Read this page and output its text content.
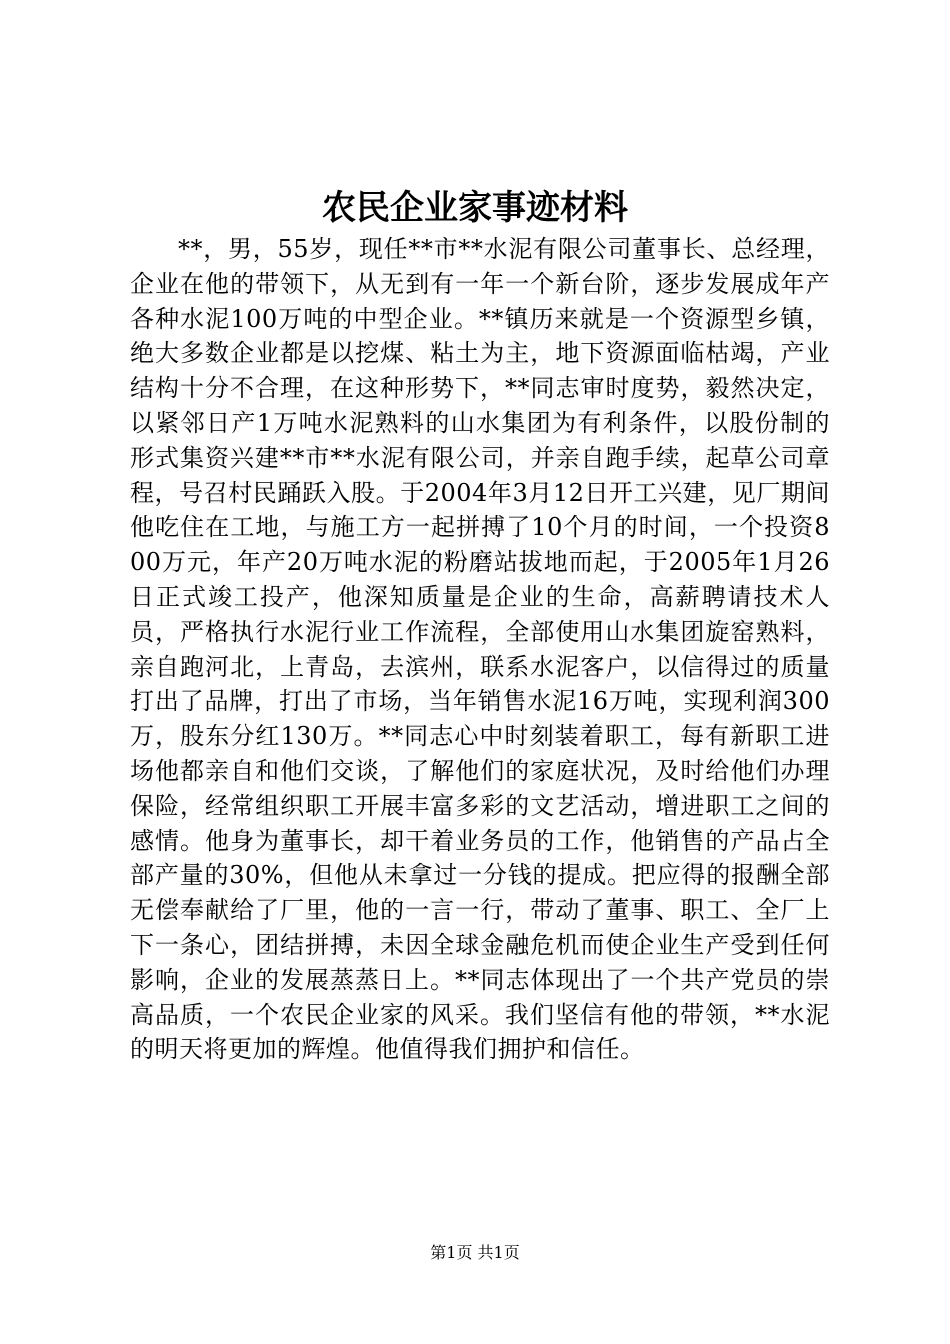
农民企业家事迹材料

**，男，55岁，现任**市**水泥有限公司董事长、总经理，企业在他的带领下，从无到有一年一个新台阶，逐步发展成年产各种水泥100万吨的中型企业。**镇历来就是一个资源型乡镇，绝大多数企业都是以挖煤、粘土为主，地下资源面临枯竭，产业结构十分不合理，在这种形势下，**同志审时度势，毅然决定，以紧邻日产1万吨水泥熟料的山水集团为有利条件，以股份制的形式集资兴建**市**水泥有限公司，并亲自跑手续，起草公司章程，号召村民踊跃入股。于2004年3月12日开工兴建，见厂期间他吃住在工地，与施工方一起拼搏了10个月的时间，一个投资800万元，年产20万吨水泥的粉磨站拔地而起，于2005年1月26日正式竣工投产，他深知质量是企业的生命，高薪聘请技术人员，严格执行水泥行业工作流程，全部使用山水集团旋窑熟料，亲自跑河北，上青岛，去滨州，联系水泥客户，以信得过的质量打出了品牌，打出了市场，当年销售水泥16万吨，实现利润300万，股东分红130万。**同志心中时刻装着职工，每有新职工进场他都亲自和他们交谈，了解他们的家庭状况，及时给他们办理保险，经常组织职工开展丰富多彩的文艺活动，增进职工之间的感情。他身为董事长，却干着业务员的工作，他销售的产品占全部产量的30%，但他从未拿过一分钱的提成。把应得的报酬全部无偿奉献给了厂里，他的一言一行，带动了董事、职工、全厂上下一条心，团结拼搏，未因全球金融危机而使企业生产受到任何影响，企业的发展蒸蒸日上。**同志体现出了一个共产党员的崇高品质，一个农民企业家的风采。我们坚信有他的带领，**水泥的明天将更加的辉煌。他值得我们拥护和信任。

第1页 共1页
